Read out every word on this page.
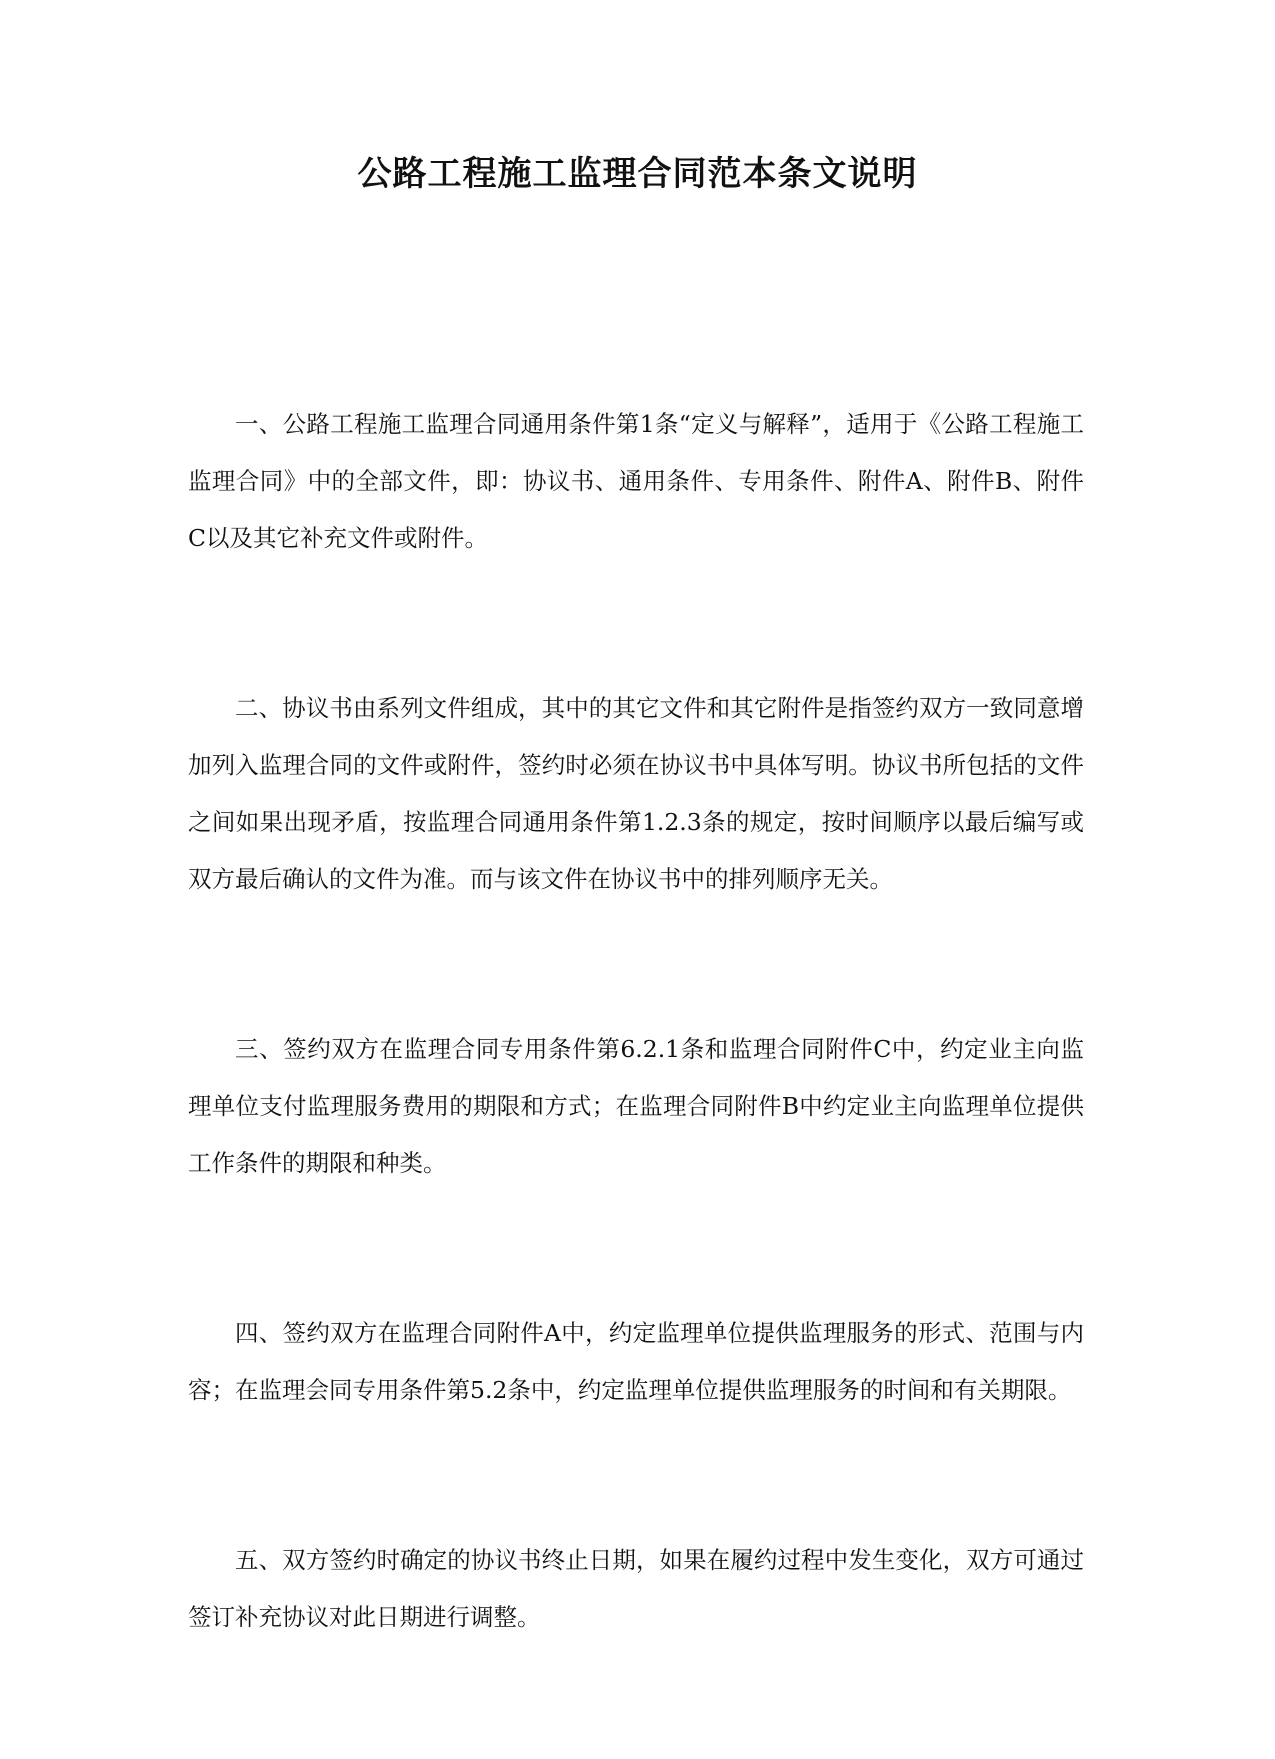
公路工程施工监理合同范本条文说明

一、公路工程施工监理合同通用条件第1条“定义与解释”，适用于《公路工程施工监理合同》中的全部文件，即：协议书、通用条件、专用条件、附件A、附件B、附件C以及其它补充文件或附件。

二、协议书由系列文件组成，其中的其它文件和其它附件是指签约双方一致同意增加列入监理合同的文件或附件，签约时必须在协议书中具体写明。协议书所包括的文件之间如果出现矛盾，按监理合同通用条件第1.2.3条的规定，按时间顺序以最后编写或双方最后确认的文件为准。而与该文件在协议书中的排列顺序无关。

三、签约双方在监理合同专用条件第6.2.1条和监理合同附件C中，约定业主向监理单位支付监理服务费用的期限和方式；在监理合同附件B中约定业主向监理单位提供工作条件的期限和种类。

四、签约双方在监理合同附件A中，约定监理单位提供监理服务的形式、范围与内容；在监理会同专用条件第5.2条中，约定监理单位提供监理服务的时间和有关期限。

五、双方签约时确定的协议书终止日期，如果在履约过程中发生变化，双方可通过签订补充协议对此日期进行调整。
